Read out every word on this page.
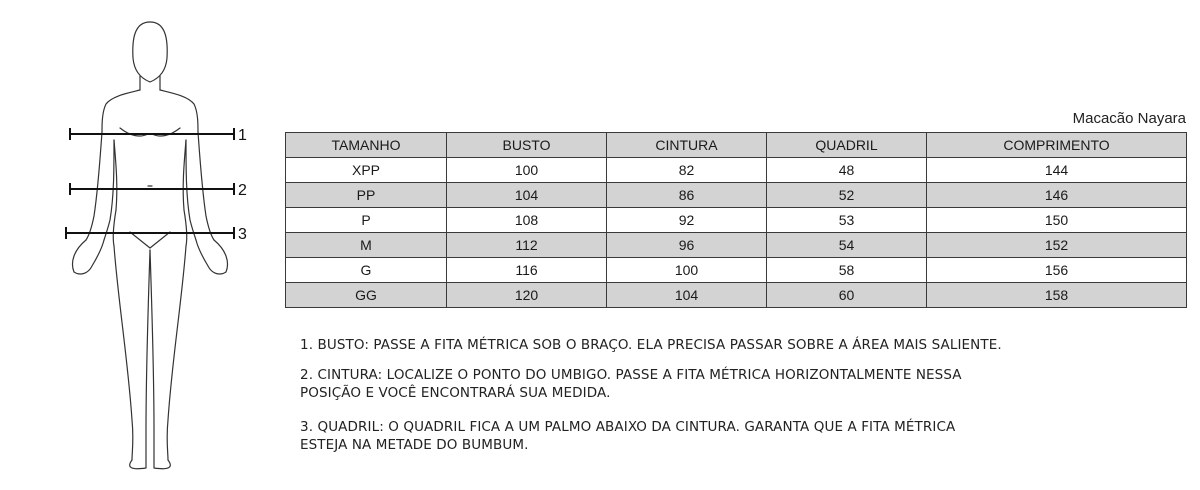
1
2
3
Macacão Nayara
TAMANHO	BUSTO	CINTURA	QUADRIL	COMPRIMENTO
XPP	100	82	48	144
PP	104	86	52	146
P	108	92	53	150
M	112	96	54	152
G	116	100	58	156
GG	120	104	60	158

1. BUSTO: PASSE A FITA MÉTRICA SOB O BRAÇO. ELA PRECISA PASSAR SOBRE A ÁREA MAIS SALIENTE.

2. CINTURA: LOCALIZE O PONTO DO UMBIGO. PASSE A FITA MÉTRICA HORIZONTALMENTE NESSA POSIÇÃO E VOCÊ ENCONTRARÁ SUA MEDIDA.

3. QUADRIL: O QUADRIL FICA A UM PALMO ABAIXO DA CINTURA. GARANTA QUE A FITA MÉTRICA ESTEJA NA METADE DO BUMBUM.
